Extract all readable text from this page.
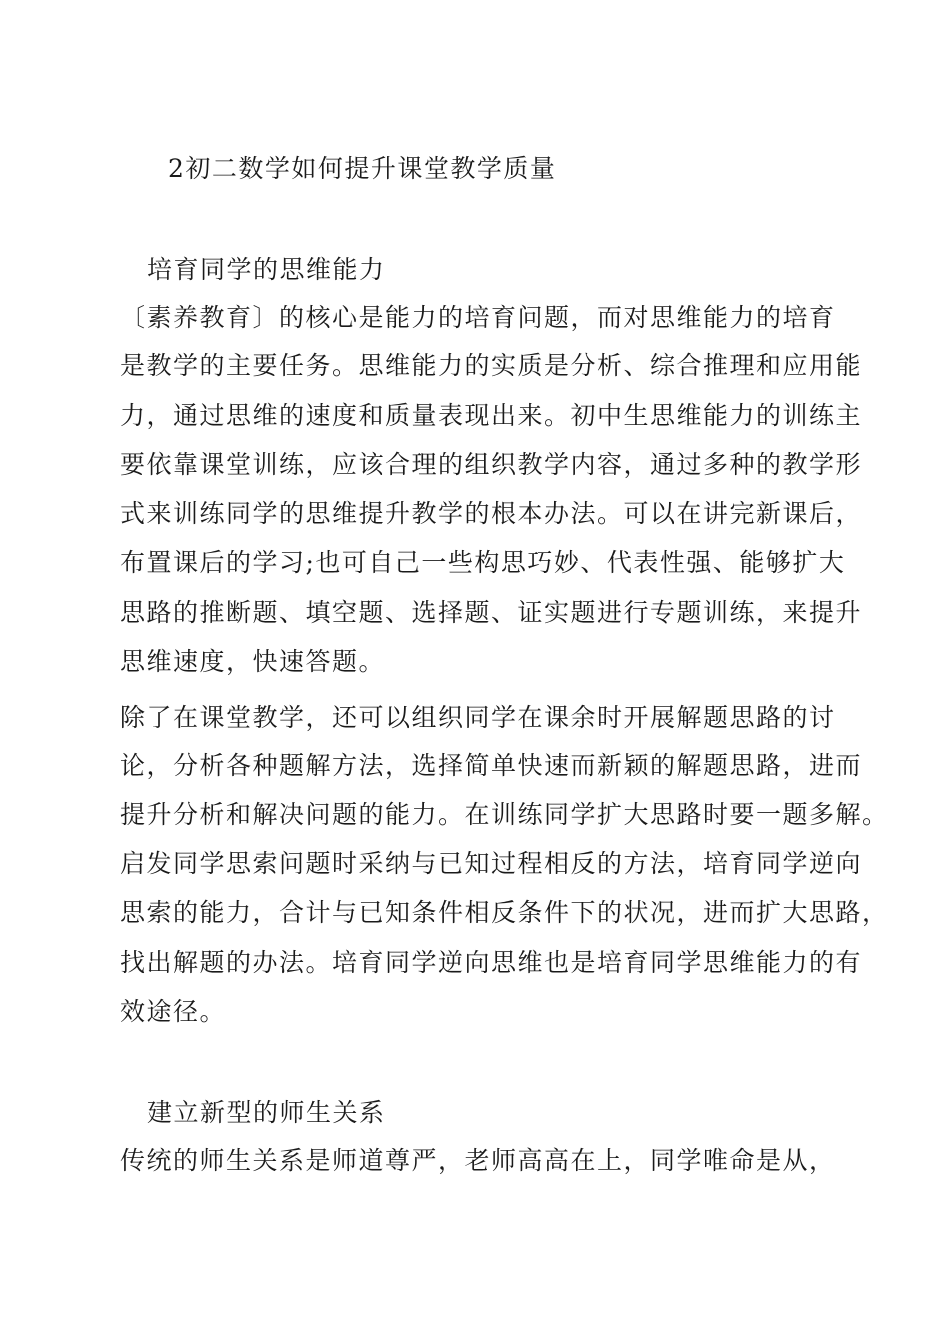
2初二数学如何提升课堂教学质量
培育同学的思维能力
〔素养教育〕的核心是能力的培育问题，而对思维能力的培育
是教学的主要任务。思维能力的实质是分析、综合推理和应用能
力，通过思维的速度和质量表现出来。初中生思维能力的训练主
要依靠课堂训练，应该合理的组织教学内容，通过多种的教学形
式来训练同学的思维提升教学的根本办法。可以在讲完新课后，
布置课后的学习;也可自己一些构思巧妙、代表性强、能够扩大
思路的推断题、填空题、选择题、证实题进行专题训练，来提升
思维速度，快速答题。
除了在课堂教学，还可以组织同学在课余时开展解题思路的讨
论，分析各种题解方法，选择简单快速而新颖的解题思路，进而
提升分析和解决问题的能力。在训练同学扩大思路时要一题多解。
启发同学思索问题时采纳与已知过程相反的方法，培育同学逆向
思索的能力，合计与已知条件相反条件下的状况，进而扩大思路，
找出解题的办法。培育同学逆向思维也是培育同学思维能力的有
效途径。
建立新型的师生关系
传统的师生关系是师道尊严，老师高高在上，同学唯命是从，
